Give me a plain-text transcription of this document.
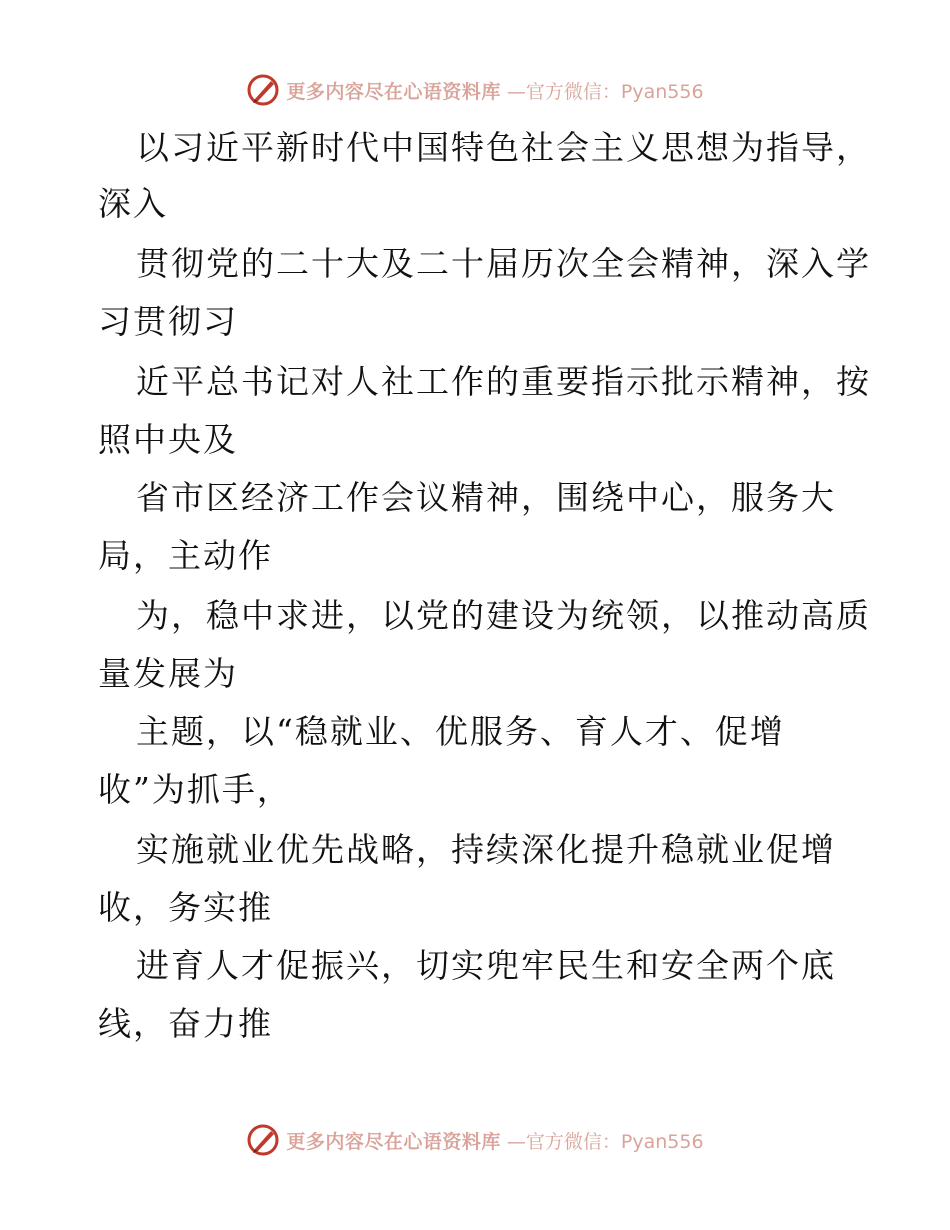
更多内容尽在心语资料库 —官方微信：Pyan556
以习近平新时代中国特色社会主义思想为指导，
深入
贯彻党的二十大及二十届历次全会精神，深入学
习贯彻习
近平总书记对人社工作的重要指示批示精神，按
照中央及
省市区经济工作会议精神，围绕中心，服务大
局，主动作
为，稳中求进，以党的建设为统领，以推动高质
量发展为
主题，以“稳就业、优服务、育人才、促增
收”为抓手，
实施就业优先战略，持续深化提升稳就业促增
收，务实推
进育人才促振兴，切实兜牢民生和安全两个底
线，奋力推
更多内容尽在心语资料库 —官方微信：Pyan556
